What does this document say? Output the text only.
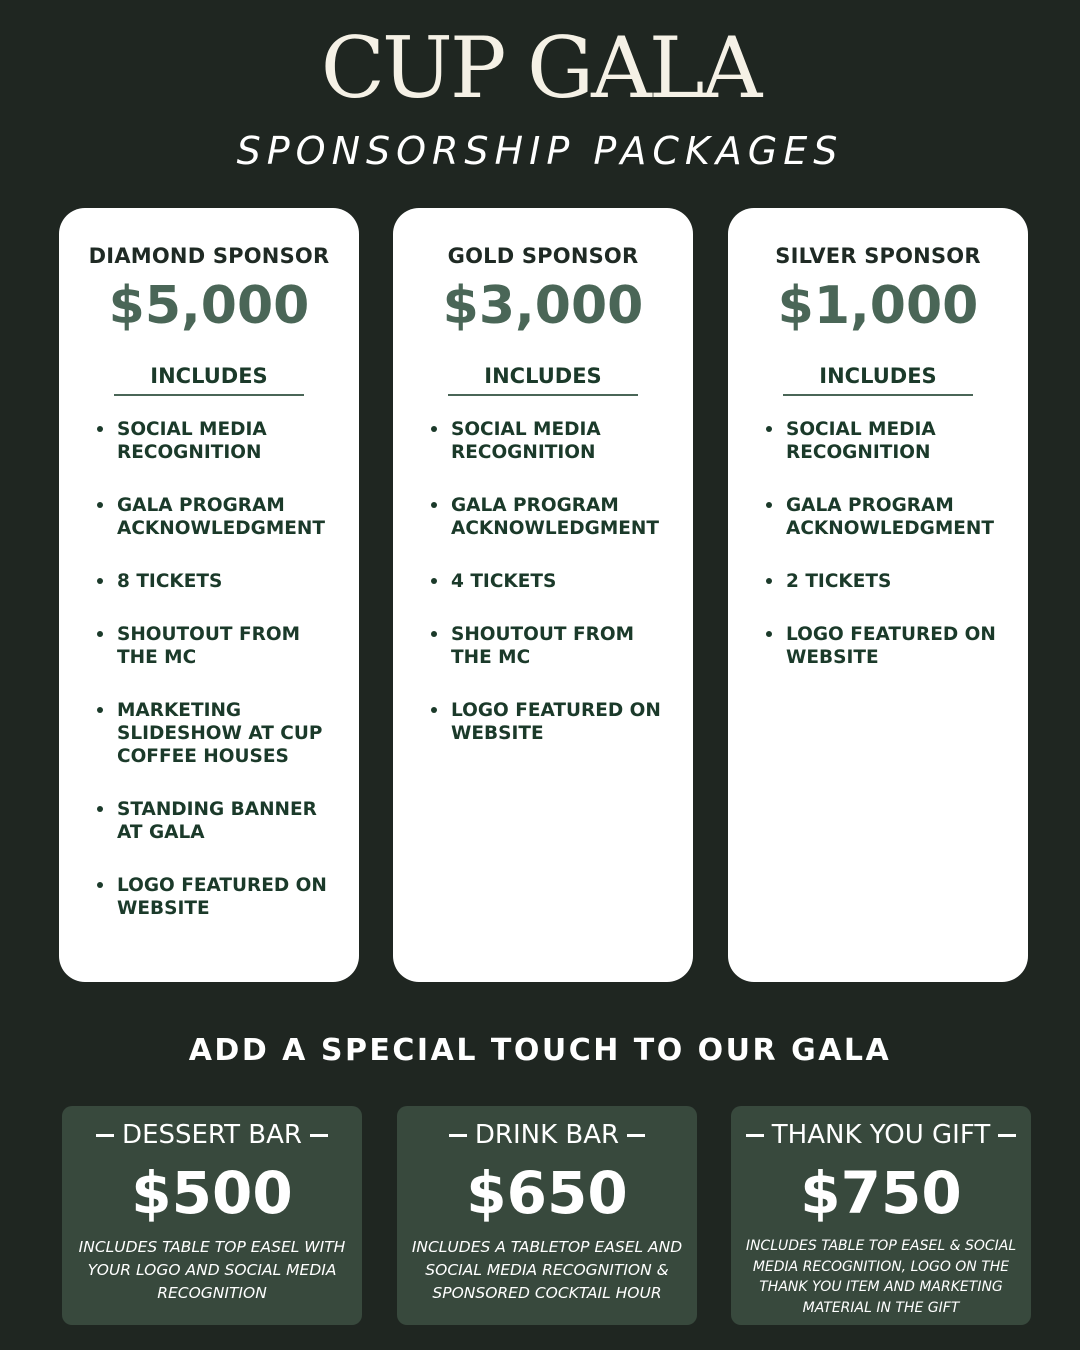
CUP GALA
SPONSORSHIP PACKAGES
DIAMOND SPONSOR
$5,000
INCLUDES
SOCIAL MEDIA RECOGNITION
GALA PROGRAM ACKNOWLEDGMENT
8 TICKETS
SHOUTOUT FROM THE MC
MARKETING SLIDESHOW AT CUP COFFEE HOUSES
STANDING BANNER AT GALA
LOGO FEATURED ON WEBSITE
GOLD SPONSOR
$3,000
INCLUDES
SOCIAL MEDIA RECOGNITION
GALA PROGRAM ACKNOWLEDGMENT
4 TICKETS
SHOUTOUT FROM THE MC
LOGO FEATURED ON WEBSITE
SILVER SPONSOR
$1,000
INCLUDES
SOCIAL MEDIA RECOGNITION
GALA PROGRAM ACKNOWLEDGMENT
2 TICKETS
LOGO FEATURED ON WEBSITE
ADD A SPECIAL TOUCH TO OUR GALA
DESSERT BAR
$500
INCLUDES TABLE TOP EASEL WITH YOUR LOGO AND SOCIAL MEDIA RECOGNITION
DRINK BAR
$650
INCLUDES A TABLETOP EASEL AND SOCIAL MEDIA RECOGNITION & SPONSORED COCKTAIL HOUR
THANK YOU GIFT
$750
INCLUDES TABLE TOP EASEL & SOCIAL MEDIA RECOGNITION, LOGO ON THE THANK YOU ITEM AND MARKETING MATERIAL IN THE GIFT
